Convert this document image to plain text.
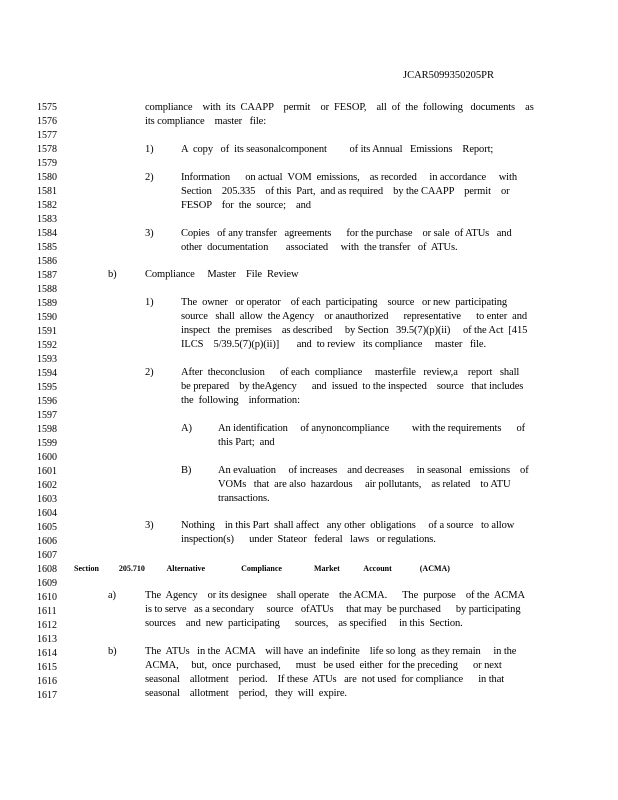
JCAR5099350205PR
1575
1576
1577
1578
1579
1580
1581
1582
1583
1584
1585
1586
1587
1588
1589
1590
1591
1592
1593
1594
1595
1596
1597
1598
1599
1600
1601
1602
1603
1604
1605
1606
1607
1608
1609
1610
1611
1612
1613
1614
1615
1616
1617
compliance    with  its  CAAPP    permit    or  FESOP,    all  of  the  following   documents    as
its compliance    master   file:
1)	A  copy   of  its seasonalcomponent         of its Annual   Emissions    Report;
2)	Information      on actual  VOM  emissions,    as recorded     in accordance     with
Section    205.335    of this  Part,  and as required    by the CAAPP    permit    or
FESOP    for  the  source;    and
3)	Copies   of any transfer   agreements      for the purchase    or sale  of ATUs   and
other  documentation       associated     with  the transfer   of  ATUs.
b)	Compliance     Master    File  Review
1)	The  owner   or operator    of each  participating    source   or new  participating
source   shall  allow  the Agency    or anauthorized      representative      to enter  and
inspect   the  premises    as described     by Section   39.5(7)(p)(ii)     of the Act  [415
ILCS    5/39.5(7)(p)(ii)]       and  to review   its compliance     master   file.
2)	After  theconclusion      of each  compliance     masterfile   review,a    report   shall
be prepared    by theAgency      and  issued  to the inspected    source   that includes
the  following    information:
A) An identification     of anynoncompliance         with the requirements      of
this Part;  and
B)	An evaluation     of increases    and decreases     in seasonal   emissions    of
VOMs   that  are also  hazardous     air pollutants,    as related    to ATU
transactions.
3)	Nothing    in this Part  shall affect   any other  obligations     of a source   to allow
inspection(s)      under  Stateor   federal   laws   or regulations.
Section          205.710           Alternative                  Compliance                Market            Account              (ACMA)
a)	The  Agency    or its designee    shall operate    the ACMA.      The  purpose    of the  ACMA
is to serve   as a secondary     source   ofATUs     that may  be purchased      by participating
sources    and  new  participating      sources,    as specified     in this  Section.
b)	The  ATUs   in the  ACMA    will have  an indefinite    life so long  as they remain     in the
ACMA,     but,  once  purchased,      must   be used  either  for the preceding      or next
seasonal    allotment    period.    If these  ATUs   are  not used  for compliance      in that
seasonal    allotment    period,   they  will  expire.
